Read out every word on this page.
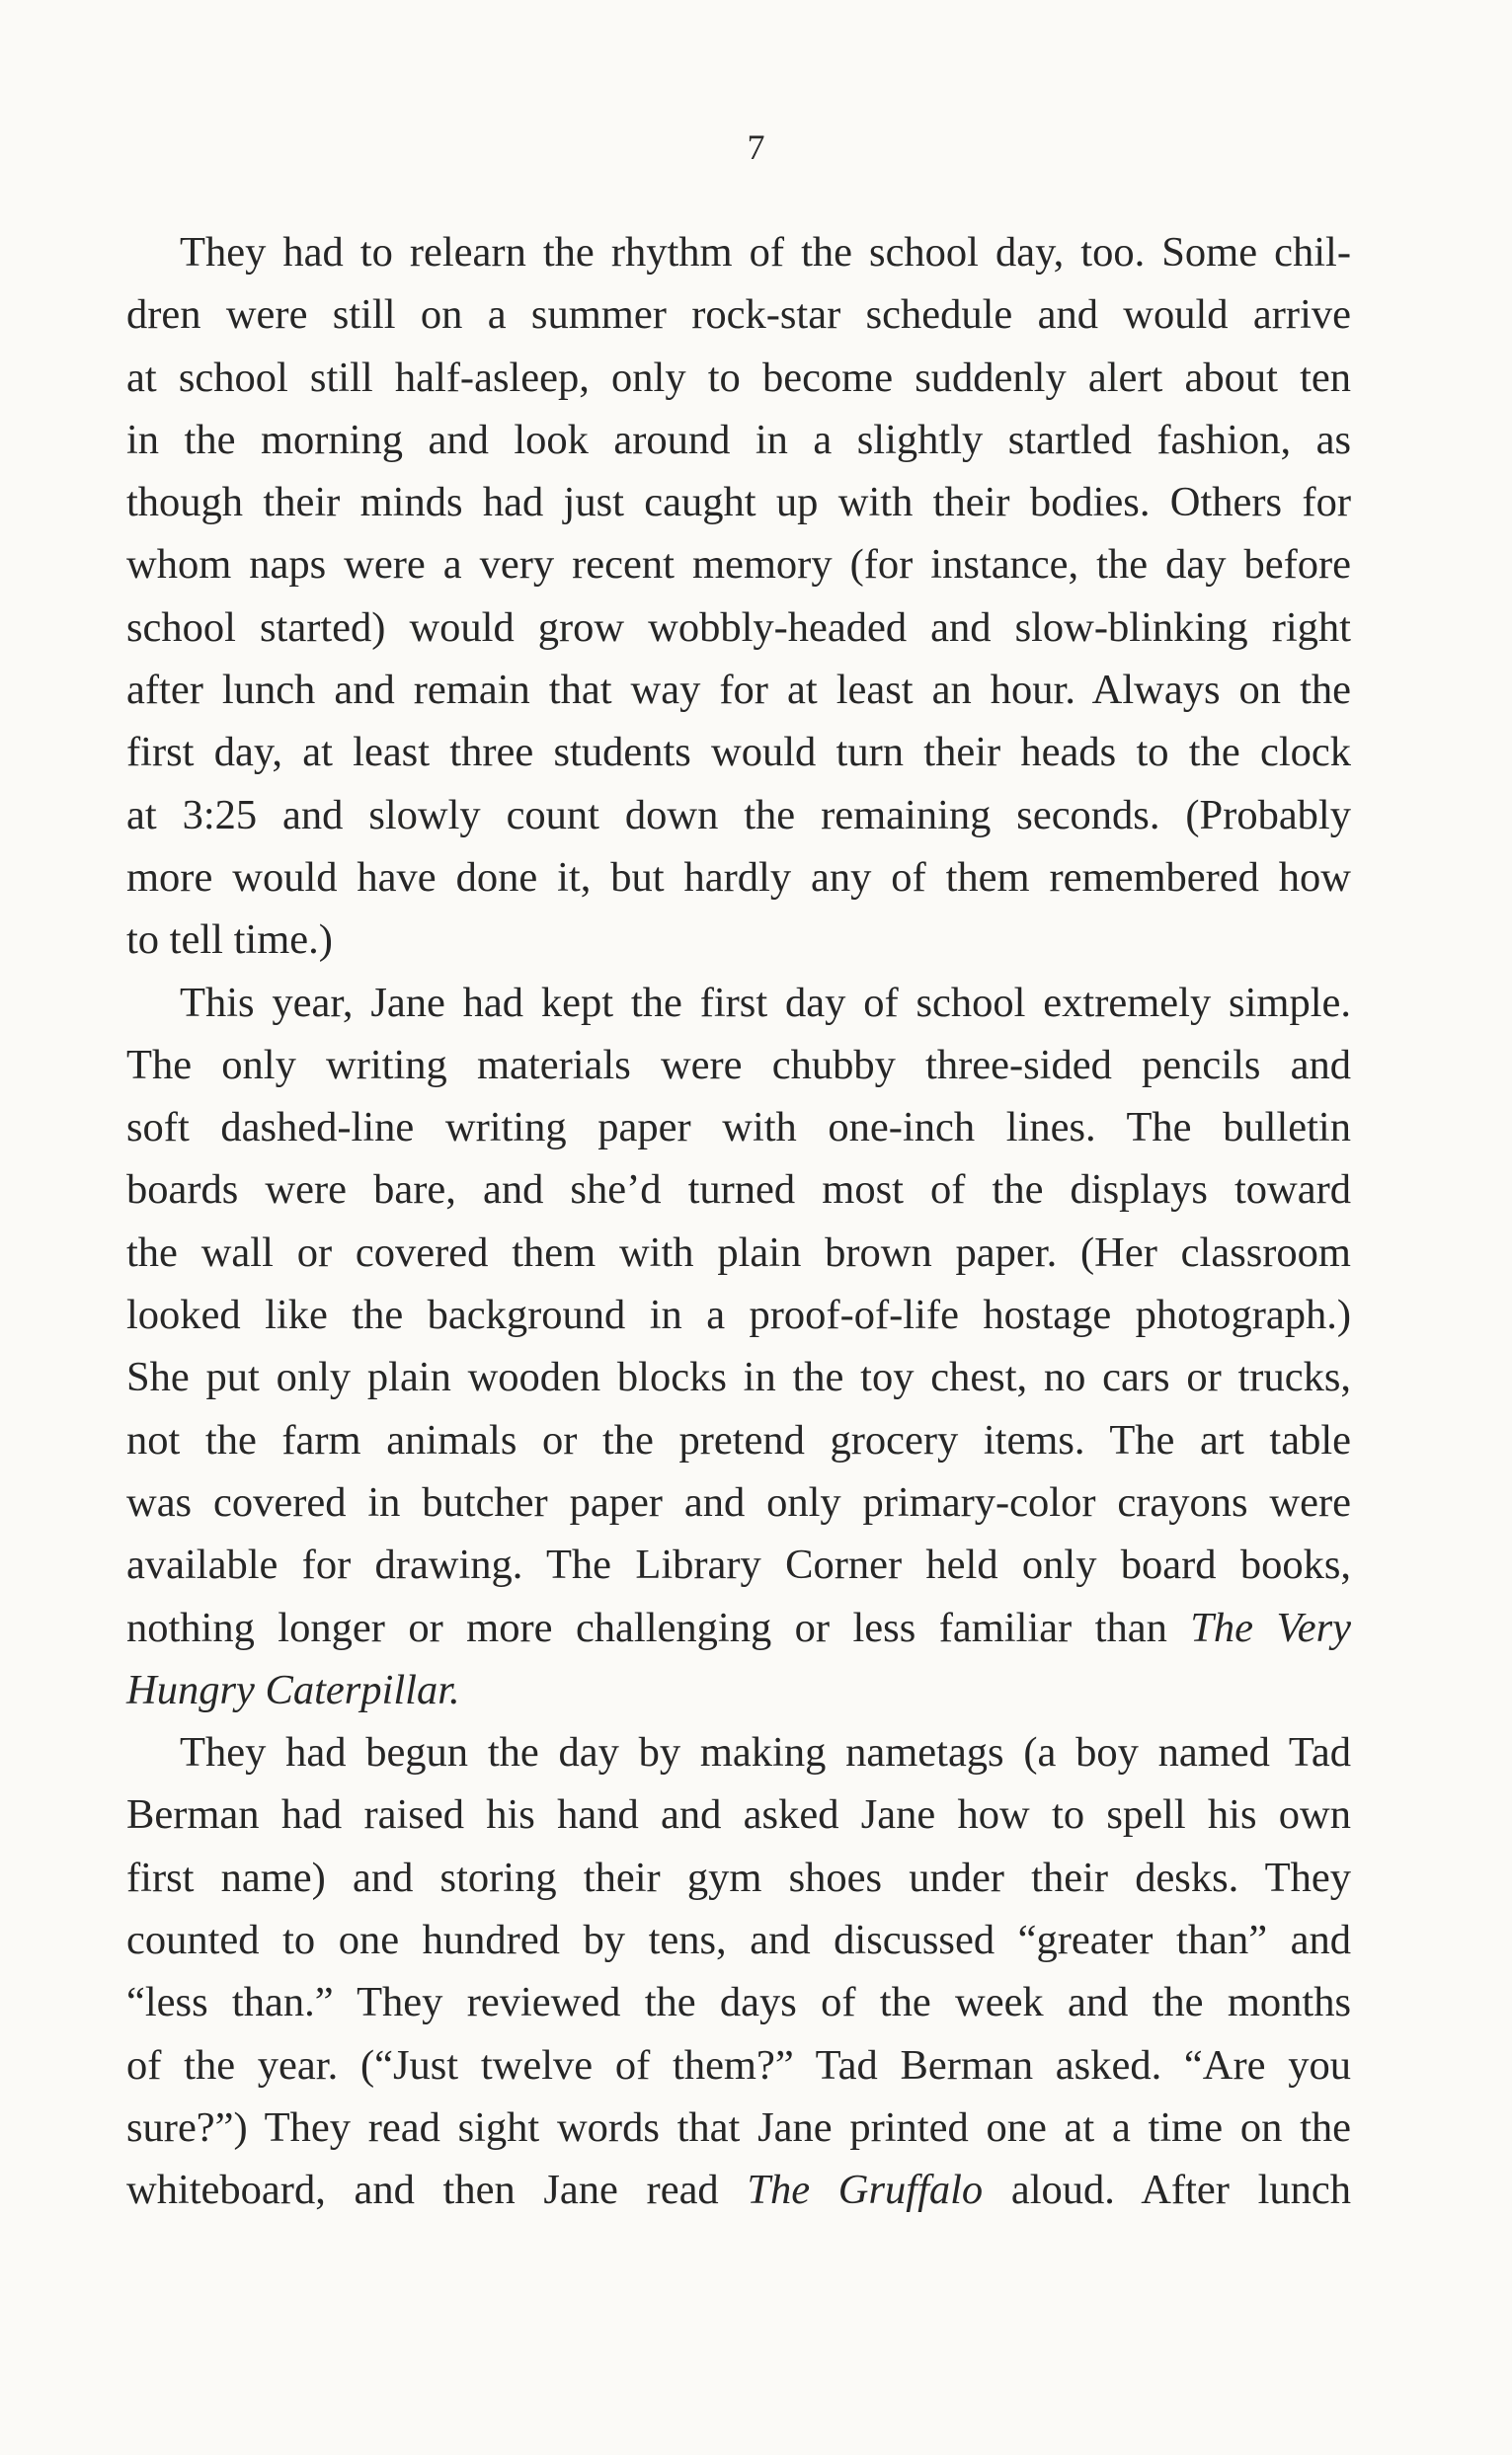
7
They had to relearn the rhythm of the school day, too. Some chil-
dren were still on a summer rock-star schedule and would arrive
at school still half-asleep, only to become suddenly alert about ten
in the morning and look around in a slightly startled fashion, as
though their minds had just caught up with their bodies. Others for
whom naps were a very recent memory (for instance, the day before
school started) would grow wobbly-headed and slow-blinking right
after lunch and remain that way for at least an hour. Always on the
first day, at least three students would turn their heads to the clock
at 3:25 and slowly count down the remaining seconds. (Probably
more would have done it, but hardly any of them remembered how
to tell time.)
This year, Jane had kept the first day of school extremely simple.
The only writing materials were chubby three-sided pencils and
soft dashed-line writing paper with one-inch lines. The bulletin
boards were bare, and she’d turned most of the displays toward
the wall or covered them with plain brown paper. (Her classroom
looked like the background in a proof-of-life hostage photograph.)
She put only plain wooden blocks in the toy chest, no cars or trucks,
not the farm animals or the pretend grocery items. The art table
was covered in butcher paper and only primary-color crayons were
available for drawing. The Library Corner held only board books,
nothing longer or more challenging or less familiar than The Very
Hungry Caterpillar.
They had begun the day by making nametags (a boy named Tad
Berman had raised his hand and asked Jane how to spell his own
first name) and storing their gym shoes under their desks. They
counted to one hundred by tens, and discussed “greater than” and
“less than.” They reviewed the days of the week and the months
of the year. (“Just twelve of them?” Tad Berman asked. “Are you
sure?”) They read sight words that Jane printed one at a time on the
whiteboard, and then Jane read The Gruffalo aloud. After lunch
